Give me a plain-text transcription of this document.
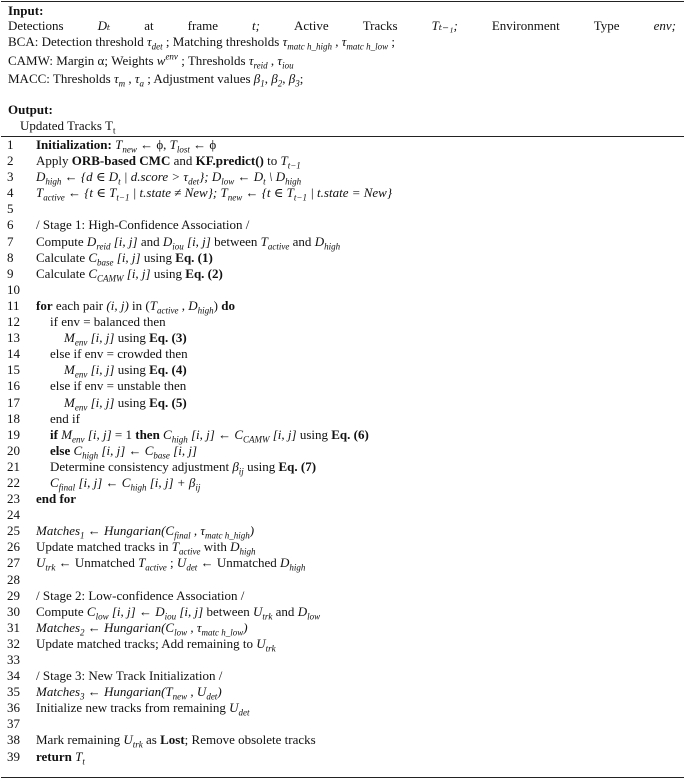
Input:
Detections	Dₜ	at	frame	t;	Active	Tracks	Tₜ₋₁;	Environment	Type	env;
BCA: Detection threshold $\tau_{det}$ ; Matching thresholds $\tau_{matc h\_high}$ , $\tau_{matc h\_low}$ ;
CAMW: Margin α; Weights $w^{env}$ ; Thresholds $\tau_{reid}$ , $\tau_{iou}$
MACC: Thresholds $\tau_m$ , $\tau_a$ ; Adjustment values $\beta_1$, $\beta_2$, $\beta_3$;
Output:
Updated Tracks $T_t$
1	Initialization: $T_{new}$ ← ϕ, $T_{lost}$ ← ϕ
2	Apply ORB-based CMC and KF.predict() to $T_{t-1}$
3	$D_{high}$ ← {d ∈ $D_t$ | d.score > $\tau_{det}$}; $D_{low}$ ← $D_t$ \ $D_{high}$
4	$T_{active}$ ← {t ∈ $T_{t-1}$ | t.state ≠ New}; $T_{new}$ ← {t ∈ $T_{t-1}$ | t.state = New}
5
6	/ Stage 1: High-Confidence Association /
7	Compute $D_{reid}$ [i, j] and $D_{iou}$ [i, j] between $T_{active}$ and $D_{high}$
8	Calculate $C_{base}$ [i, j] using Eq. (1)
9	Calculate $C_{CAMW}$ [i, j] using Eq. (2)
10
11	for each pair (i, j) in ($T_{active}$ , $D_{high}$) do
12	if env = balanced then
13	$M_{env}$ [i, j] using Eq. (3)
14	else if env = crowded then
15	$M_{env}$ [i, j] using Eq. (4)
16	else if env = unstable then
17	$M_{env}$ [i, j] using Eq. (5)
18	end if
19	if $M_{env}$ [i, j] = 1 then $C_{high}$ [i, j] ← $C_{CAMW}$ [i, j] using Eq. (6)
20	else $C_{high}$ [i, j] ← $C_{base}$ [i, j]
21	Determine consistency adjustment $\beta_{ij}$ using Eq. (7)
22	$C_{final}$ [i, j] ← $C_{high}$ [i, $j] + \beta_{ij}$
23	end for
24
25	Matches$_1$ ← $Hungarian(C_{final}$ , $\tau_{matc h\_high}$)
26	Update matched tracks in $T_{active}$ with $D_{high}$
27	$U_{trk}$ ← Unmatched $T_{active}$ ; $U_{det}$ ← Unmatched $D_{high}$
28
29	/ Stage 2: Low-confidence Association /
30	Compute $C_{low}$ [i, j] ← $D_{iou}$ [i, j] between $U_{trk}$ and $D_{low}$
31	Matches$_2$ ← $Hungarian(C_{low}$ , $\tau_{matc h\_low}$)
32	Update matched tracks; Add remaining to $U_{trk}$
33
34	/ Stage 3: New Track Initialization /
35	Matches$_3$ ← $Hungarian(T_{new}$ , $U_{det}$)
36	Initialize new tracks from remaining $U_{det}$
37
38	Mark remaining $U_{trk}$ as Lost; Remove obsolete tracks
39	return $T_t$
